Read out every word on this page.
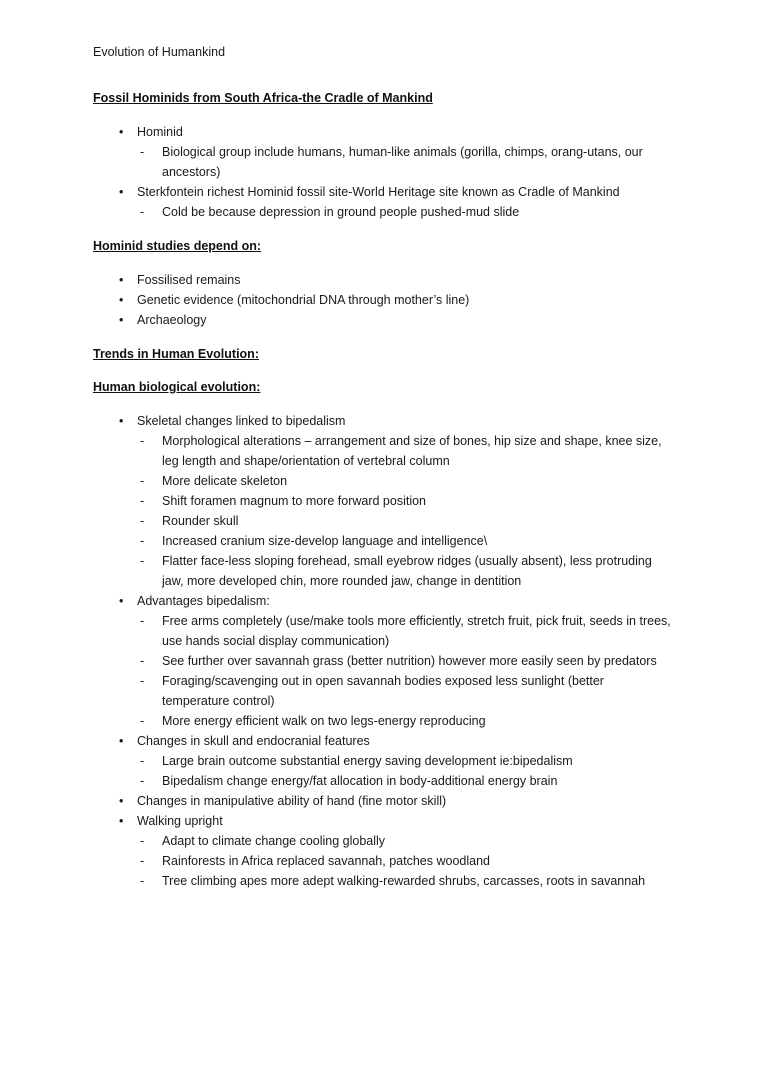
Evolution of Humankind
Fossil Hominids from South Africa-the Cradle of Mankind
• Hominid
- Biological group include humans, human-like animals (gorilla, chimps, orang-utans, our ancestors)
• Sterkfontein richest Hominid fossil site-World Heritage site known as Cradle of Mankind
- Cold be because depression in ground people pushed-mud slide
Hominid studies depend on:
• Fossilised remains
• Genetic evidence (mitochondrial DNA through mother’s line)
• Archaeology
Trends in Human Evolution:
Human biological evolution:
• Skeletal changes linked to bipedalism
- Morphological alterations – arrangement and size of bones, hip size and shape, knee size, leg length and shape/orientation of vertebral column
- More delicate skeleton
- Shift foramen magnum to more forward position
- Rounder skull
- Increased cranium size-develop language and intelligence\
- Flatter face-less sloping forehead, small eyebrow ridges (usually absent), less protruding jaw, more developed chin, more rounded jaw, change in dentition
• Advantages bipedalism:
- Free arms completely (use/make tools more efficiently, stretch fruit, pick fruit, seeds in trees, use hands social display communication)
- See further over savannah grass (better nutrition) however more easily seen by predators
- Foraging/scavenging out in open savannah bodies exposed less sunlight (better temperature control)
- More energy efficient walk on two legs-energy reproducing
• Changes in skull and endocranial features
- Large brain outcome substantial energy saving development ie:bipedalism
- Bipedalism change energy/fat allocation in body-additional energy brain
• Changes in manipulative ability of hand (fine motor skill)
• Walking upright
- Adapt to climate change cooling globally
- Rainforests in Africa replaced savannah, patches woodland
- Tree climbing apes more adept walking-rewarded shrubs, carcasses, roots in savannah
